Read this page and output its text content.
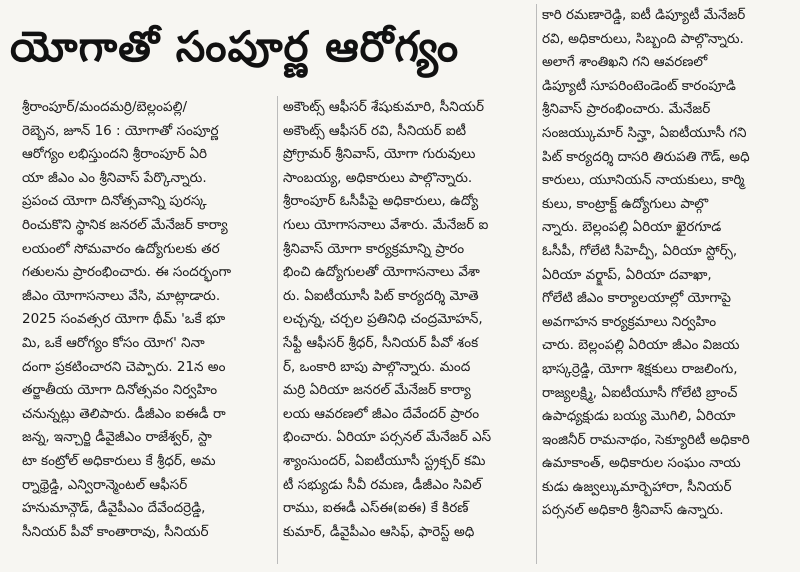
యోగాతో సంపూర్ణ ఆరోగ్యం
శ్రీరాంపూర్/మందమర్రి/బెల్లంపల్లి/
రెబ్బెన, జూన్ 16 : యోగాతో సంపూర్ణ
ఆరోగ్యం లభిస్తుందని శ్రీరాంపూర్ ఏరి
యా జీఎం ఎం శ్రీనివాస్ పేర్కొన్నారు.
ప్రపంచ యోగా దినోత్సవాన్ని పురస్క
రించుకొని స్థానిక జనరల్ మేనేజర్ కార్యా
లయంలో సోమవారం ఉద్యోగులకు తర
గతులను ప్రారంభించారు. ఈ సందర్భంగా
జీఎం యోగాసనాలు వేసి, మాట్లాడారు.
2025 సంవత్సర యోగా థీమ్ 'ఒకే భూ
మి, ఒకే ఆరోగ్యం కోసం యోగ' నినా
దంగా ప్రకటించారని చెప్పారు. 21న అం
తర్జాతీయ యోగా దినోత్సవం నిర్వహిం
చనున్నట్లు తెలిపారు. డీజీఎం ఐఈడీ రా
జన్న, ఇన్చార్జి డీవైజీఎం రాజేశ్వర్, స్టా
టా కంట్రోల్ అధికారులు కే శ్రీధర్, అమ
ర్నాథ్రెడ్డి, ఎన్విరాన్మెంటల్ ఆఫీసర్
హనుమాన్గౌడ్, డీవైపీఎం దేవేందర్రెడ్డి,
సీనియర్ పీవో కాంతారావు, సీనియర్
అకౌంట్స్ ఆఫీసర్ శేషుకుమారి, సీనియర్
అకౌంట్స్ ఆఫీసర్ రవి, సీనియర్ ఐటీ
ప్రోగ్రామర్ శ్రీనివాస్, యోగా గురువులు
సాంబయ్య, అధికారులు పాల్గొన్నారు.
శ్రీరాంపూర్ ఓసీపీపై అధికారులు, ఉద్యో
గులు యోగాసనాలు వేశారు. మేనేజర్ ఐ
శ్రీనివాస్ యోగా కార్యక్రమాన్ని ప్రారం
భించి ఉద్యోగులతో యోగాసనాలు వేశా
రు. ఏఐటీయూసీ పిట్ కార్యదర్శి మోతె
లచ్చన్న, చర్చల ప్రతినిధి చంద్రమోహన్,
సేఫ్టీ ఆఫీసర్ శ్రీధర్, సీనియర్ పీవో శంక
ర్, ఒంకారి బాపు పాల్గొన్నారు. మంద
మర్రి ఏరియా జనరల్ మేనేజర్ కార్యా
లయ ఆవరణలో జీఎం దేవేందర్ ప్రారం
భించారు. ఏరియా పర్సనల్ మేనేజర్ ఎస్
శ్యాంసుందర్, ఏఐటీయూసీ స్ట్రక్చర్ కమి
టీ సభ్యుడు సీవీ రమణ, డీజీఎం సివిల్
రాము, ఐఈడీ ఎస్ఈ(ఐఈ) కే కిరణ్
కుమార్, డీవైపీఎం ఆసిఫ్, ఫారెస్ట్ అధి
కారి రమణారెడ్డి, ఐటీ డిప్యూటీ మేనేజర్
రవి, అధికారులు, సిబ్బంది పాల్గొన్నారు.
అలాగే శాంతిఖని గని ఆవరణలో
డిప్యూటీ సూపరింటెండెంట్ కారంపూడి
శ్రీనివాస్ ప్రారంభించారు. మేనేజర్
సంజయ్కుమార్ సిన్హా, ఏఐటీయూసీ గని
పిట్ కార్యదర్శి దాసరి తిరుపతి గౌడ్, అధి
కారులు, యూనియన్ నాయకులు, కార్మి
కులు, కాంట్రాక్ట్ ఉద్యోగులు పాల్గొ
న్నారు. బెల్లంపల్లి ఏరియా ఖైరగూడ
ఓసీపీ, గోలేటి సీహెచ్పీ, ఏరియా స్టోర్స్,
ఏరియా వర్క్షాప్, ఏరియా దవాఖా,
గోలేటి జీఎం కార్యాలయాల్లో యోగాపై
అవగాహన కార్యక్రమాలు నిర్వహిం
చారు. బెల్లంపల్లి ఏరియా జీఎం విజయ
భాస్కర్రెడ్డి, యోగా శిక్షకులు రాజలింగు,
రాజ్యలక్ష్మి, ఏఐటీయూసీ గోలేటి బ్రాంచ్
ఉపాధ్యక్షుడు బయ్య మొగిలి, ఏరియా
ఇంజినీర్ రామనాథం, సెక్యూరిటీ అధికారి
ఉమాకాంత్, అధికారుల సంఘం నాయ
కుడు ఉజ్వల్కుమార్బెహారా, సీనియర్
పర్సనల్ అధికారి శ్రీనివాస్ ఉన్నారు.
